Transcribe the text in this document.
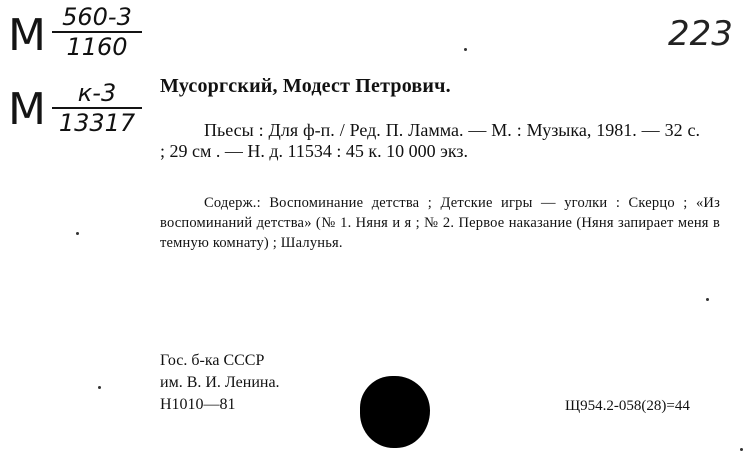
М 560-3
1160
М	к-3
13317
223
Мусоргский, Модест Петрович.

Пьесы : Для ф-п. / Ред. П. Ламма. — М. : Музыка, 1981. — 32 с. ; 29 см . — Н. д. 11534 : 45 к. 10 000 экз.

Содерж.: Воспоминание детства ; Детские игры — уголки : Скерцо ; «Из воспоминаний детства» (№ 1. Няня и я ; № 2. Первое наказание (Няня запирает меня в темную комнату) ; Шалунья.

Гос. б-ка СССР
им. В. И. Ленина.
Н1010—81	Щ954.2-058(28)=44
